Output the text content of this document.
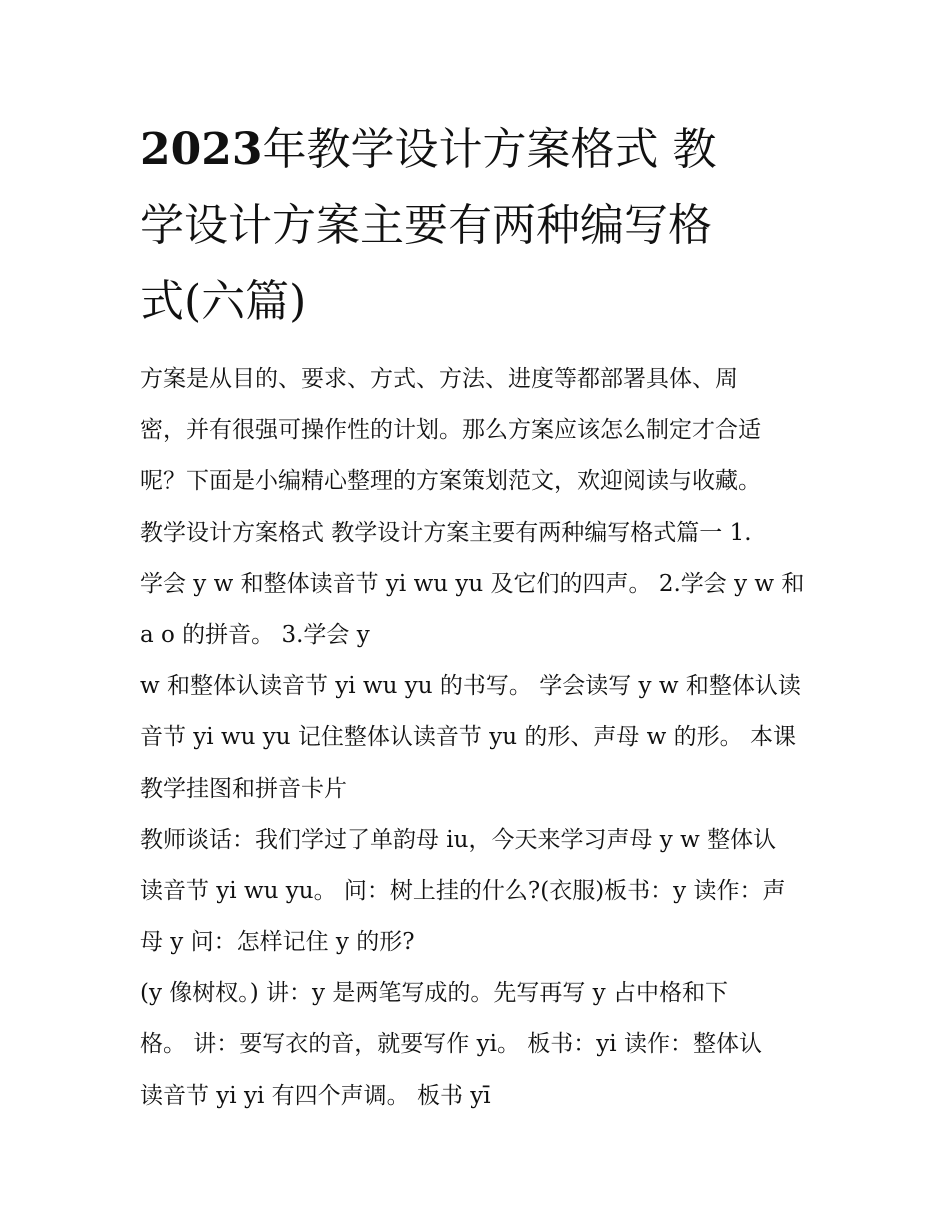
2023年教学设计方案格式 教
学设计方案主要有两种编写格
式(六篇)
方案是从目的、要求、方式、方法、进度等都部署具体、周
密，并有很强可操作性的计划。那么方案应该怎么制定才合适
呢？下面是小编精心整理的方案策划范文，欢迎阅读与收藏。
教学设计方案格式 教学设计方案主要有两种编写格式篇一 1.
学会 y w 和整体读音节 yi wu yu 及它们的四声。 2.学会 y w 和
a o 的拼音。 3.学会 y
w 和整体认读音节 yi wu yu 的书写。 学会读写 y w 和整体认读
音节 yi wu yu 记住整体认读音节 yu 的形、声母 w 的形。 本课
教学挂图和拼音卡片
教师谈话：我们学过了单韵母 iu，今天来学习声母 y w 整体认
读音节 yi wu yu。 问：树上挂的什么?(衣服)板书：y 读作：声
母 y 问：怎样记住 y 的形?
(y 像树杈。) 讲：y 是两笔写成的。先写再写 y 占中格和下
格。 讲：要写衣的音，就要写作 yi。 板书：yi 读作：整体认
读音节 yi yi 有四个声调。 板书 yī
